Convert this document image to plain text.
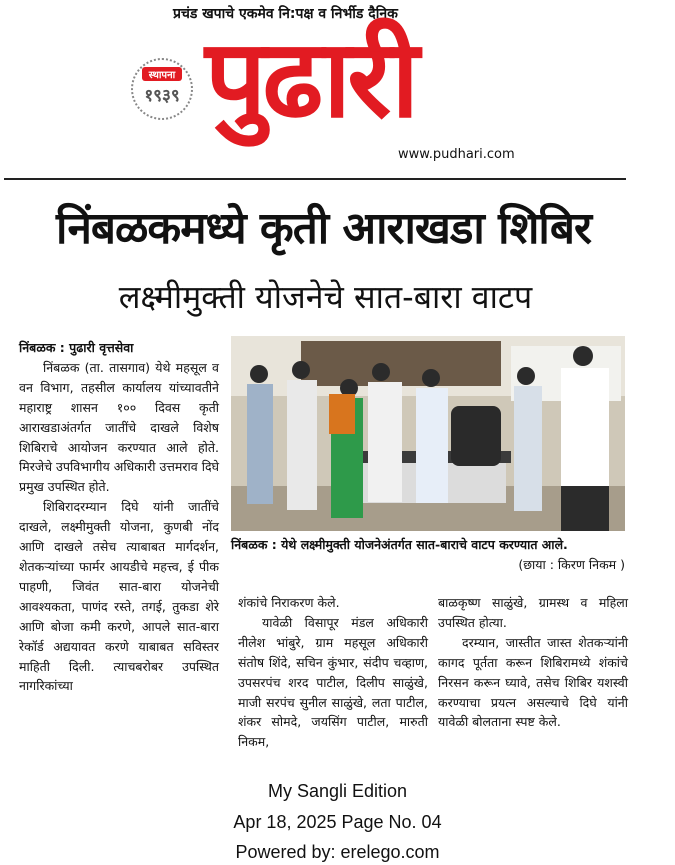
प्रचंड खपाचे एकमेव नि:पक्ष व निर्भीड दैनिक
पुढारी
स्थापना
१९३९
www.pudhari.com
निंबळकमध्ये कृती आराखडा शिबिर
लक्ष्मीमुक्ती योजनेचे सात-बारा वाटप

निंबळक : पुढारी वृत्तसेवा

निंबळक (ता. तासगाव) येथे महसूल व वन विभाग, तहसील कार्यालय यांच्यावतीने महाराष्ट्र शासन १०० दिवस कृती आराखडाअंतर्गत जातींचे दाखले विशेष शिबिराचे आयोजन करण्यात आले होते. मिरजेचे उपविभागीय अधिकारी उत्तमराव दिघे प्रमुख उपस्थित होते.

शिबिरादरम्यान दिघे यांनी जातींचे दाखले, लक्ष्मीमुक्ती योजना, कुणबी नोंद आणि दाखले तसेच त्याबाबत मार्गदर्शन, शेतकऱ्यांच्या फार्मर आयडीचे महत्त्व, ई पीक पाहणी, जिवंत सात-बारा योजनेची आवश्यकता, पाणंद रस्ते, तगई, तुकडा शेरे आणि बोजा कमी करणे, आपले सात-बारा रेकॉर्ड अद्ययावत करणे याबाबत सविस्तर माहिती दिली. त्याचबरोबर उपस्थित नागरिकांच्या

निंबळक : येथे लक्ष्मीमुक्ती योजनेअंतर्गत सात-बाराचे वाटप करण्यात आले.
(छाया : किरण निकम )

शंकांचे निराकरण केले.

यावेळी विसापूर मंडल अधिकारी नीलेश भांबुरे, ग्राम महसूल अधिकारी संतोष शिंदे, सचिन कुंभार, संदीप चव्हाण, उपसरपंच शरद पाटील, दिलीप साळुंखे, माजी सरपंच सुनील साळुंखे, लता पाटील, शंकर सोमदे, जयसिंग पाटील, मारुती निकम,

बाळकृष्ण साळुंखे, ग्रामस्थ व महिला उपस्थित होत्या.

दरम्यान, जास्तीत जास्त शेतकऱ्यांनी कागद पूर्तता करून शिबिरामध्ये शंकांचे निरसन करून घ्यावे, तसेच शिबिर यशस्वी करण्याचा प्रयत्न असल्याचे दिघे यांनी यावेळी बोलताना स्पष्ट केले.

My Sangli Edition
Apr 18, 2025 Page No. 04
Powered by: erelego.com
